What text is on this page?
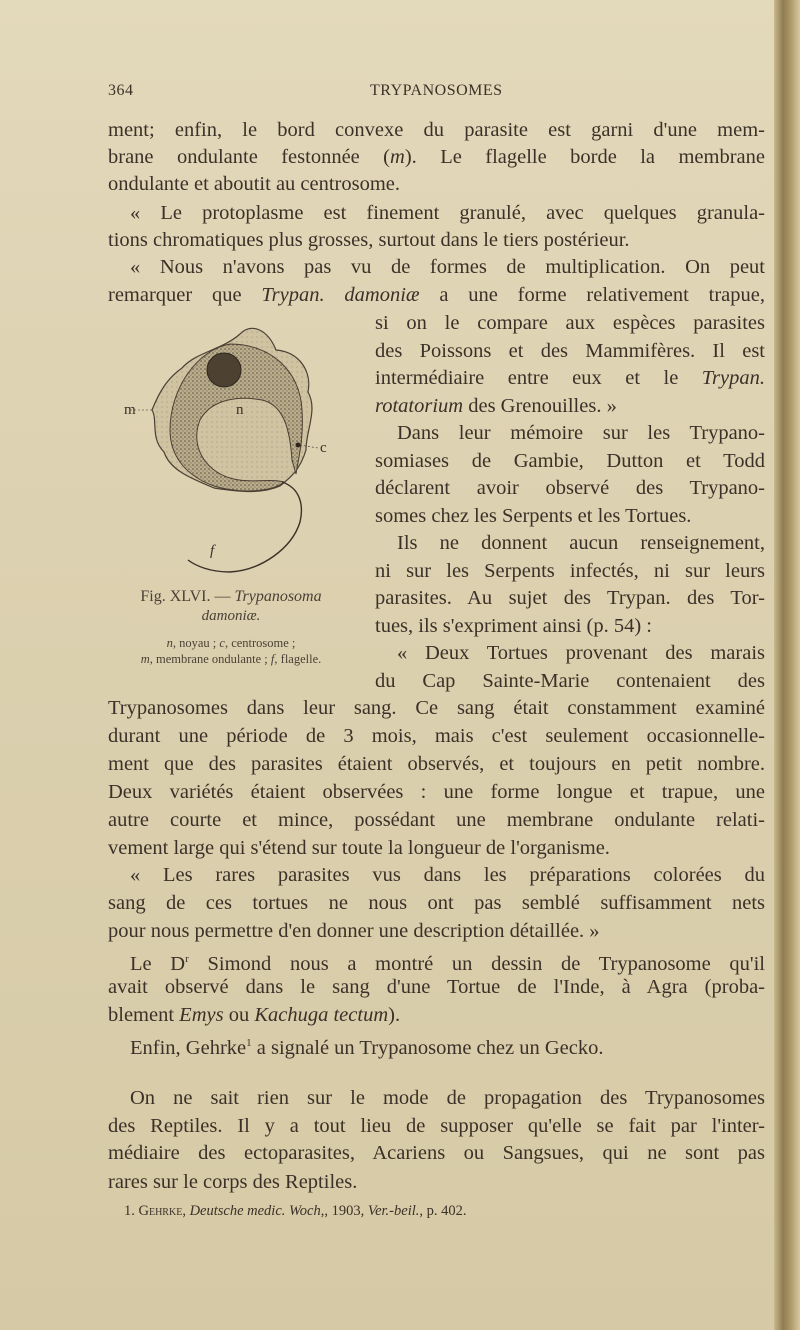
364	TRYPANOSOMES
ment; enfin, le bord convexe du parasite est garni d'une mem-
brane ondulante festonnée (m). Le flagelle borde la membrane
ondulante et aboutit au centrosome.
« Le protoplasme est finement granulé, avec quelques granula-
tions chromatiques plus grosses, surtout dans le tiers postérieur.
« Nous n'avons pas vu de formes de multiplication. On peut
remarquer que Trypan. damoniæ a une forme relativement trapue,
si on le compare aux espèces parasites
des Poissons et des Mammifères. Il est
intermédiaire entre eux et le Trypan.
rotatorium des Grenouilles. »
Dans leur mémoire sur les Trypano-
somiases de Gambie, Dutton et Todd
déclarent avoir observé des Trypano-
somes chez les Serpents et les Tortues.
Ils ne donnent aucun renseignement,
ni sur les Serpents infectés, ni sur leurs
parasites. Au sujet des Trypan. des Tor-
tues, ils s'expriment ainsi (p. 54) :
« Deux Tortues provenant des marais
du Cap Sainte-Marie contenaient des
Trypanosomes dans leur sang. Ce sang était constamment examiné
durant une période de 3 mois, mais c'est seulement occasionnelle-
ment que des parasites étaient observés, et toujours en petit nombre.
Deux variétés étaient observées : une forme longue et trapue, une
autre courte et mince, possédant une membrane ondulante relati-
vement large qui s'étend sur toute la longueur de l'organisme.
« Les rares parasites vus dans les préparations colorées du
sang de ces tortues ne nous ont pas semblé suffisamment nets
pour nous permettre d'en donner une description détaillée. »
Le $D^r$ Simond nous a montré un dessin de Trypanosome qu'il
avait observé dans le sang d'une Tortue de l'Inde, à Agra (proba-
blement Emys ou Kachuga tectum).
Enfin, Gehrke$^1$ a signalé un Trypanosome chez un Gecko.
On ne sait rien sur le mode de propagation des Trypanosomes
des Reptiles. Il y a tout lieu de supposer qu'elle se fait par l'inter-
médiaire des ectoparasites, Acariens ou Sangsues, qui ne sont pas
rares sur le corps des Reptiles.
m	n
c
f
Fig. XLVI. — Trypanosoma
damoniæ.
n, noyau ; c, centrosome ;
m, membrane ondulante ; f, flagelle.
1. Gehrke, Deutsche medic. Woch,, 1903, Ver.-beil., p. 402.
